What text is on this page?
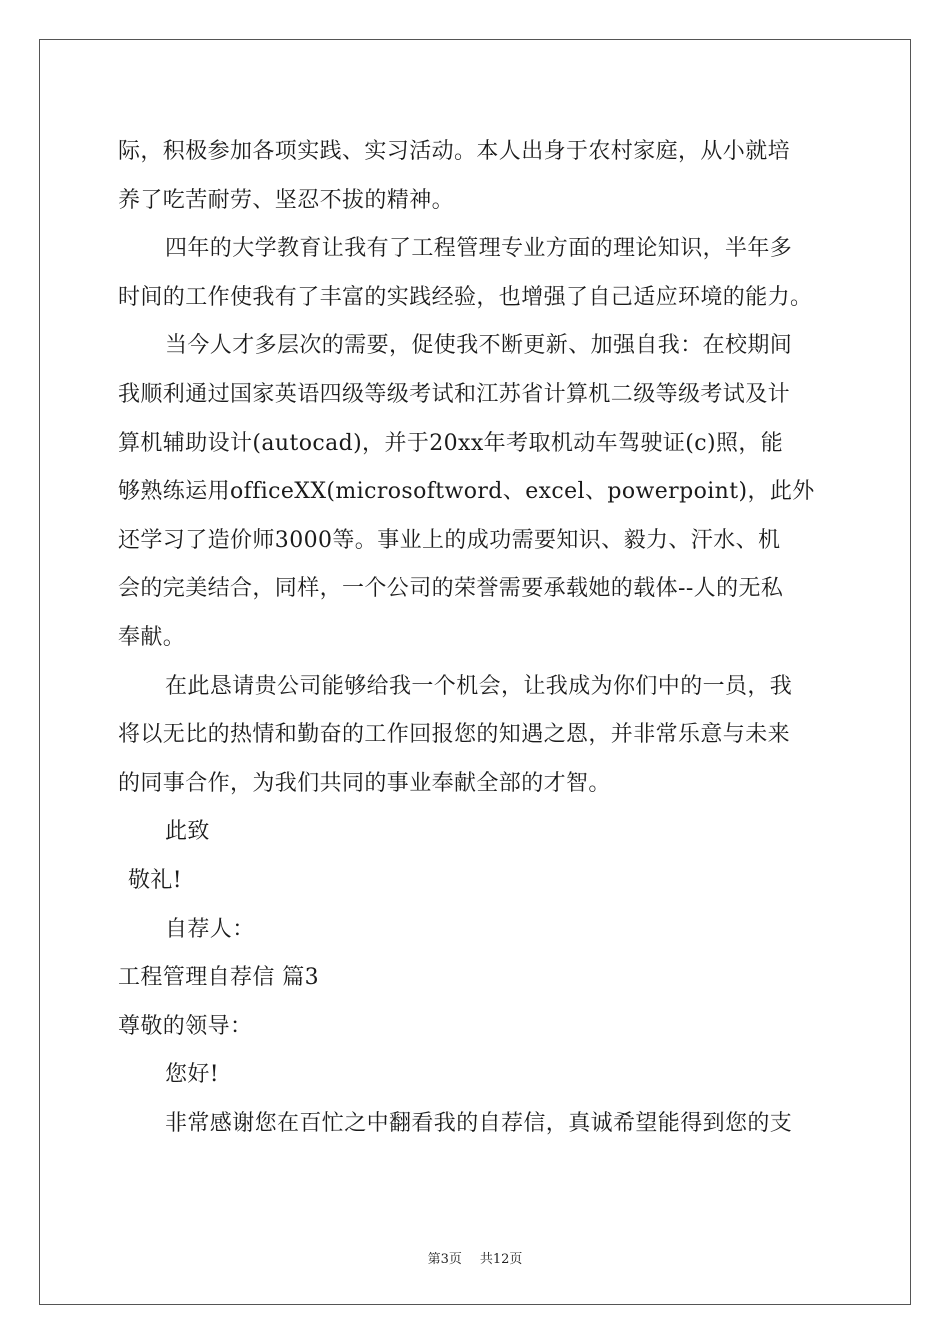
际，积极参加各项实践、实习活动。本人出身于农村家庭，从小就培
养了吃苦耐劳、坚忍不拔的精神。
四年的大学教育让我有了工程管理专业方面的理论知识，半年多
时间的工作使我有了丰富的实践经验，也增强了自己适应环境的能力。
当今人才多层次的需要，促使我不断更新、加强自我：在校期间
我顺利通过国家英语四级等级考试和江苏省计算机二级等级考试及计
算机辅助设计(autocad)，并于20xx年考取机动车驾驶证(c)照，能
够熟练运用officeXX(microsoftword、excel、powerpoint)，此外
还学习了造价师3000等。事业上的成功需要知识、毅力、汗水、机
会的完美结合，同样，一个公司的荣誉需要承载她的载体--人的无私
奉献。
在此恳请贵公司能够给我一个机会，让我成为你们中的一员，我
将以无比的热情和勤奋的工作回报您的知遇之恩，并非常乐意与未来
的同事合作，为我们共同的事业奉献全部的才智。
此致
敬礼!
自荐人：
工程管理自荐信 篇3
尊敬的领导：
您好!
非常感谢您在百忙之中翻看我的自荐信，真诚希望能得到您的支
第3页 共12页
